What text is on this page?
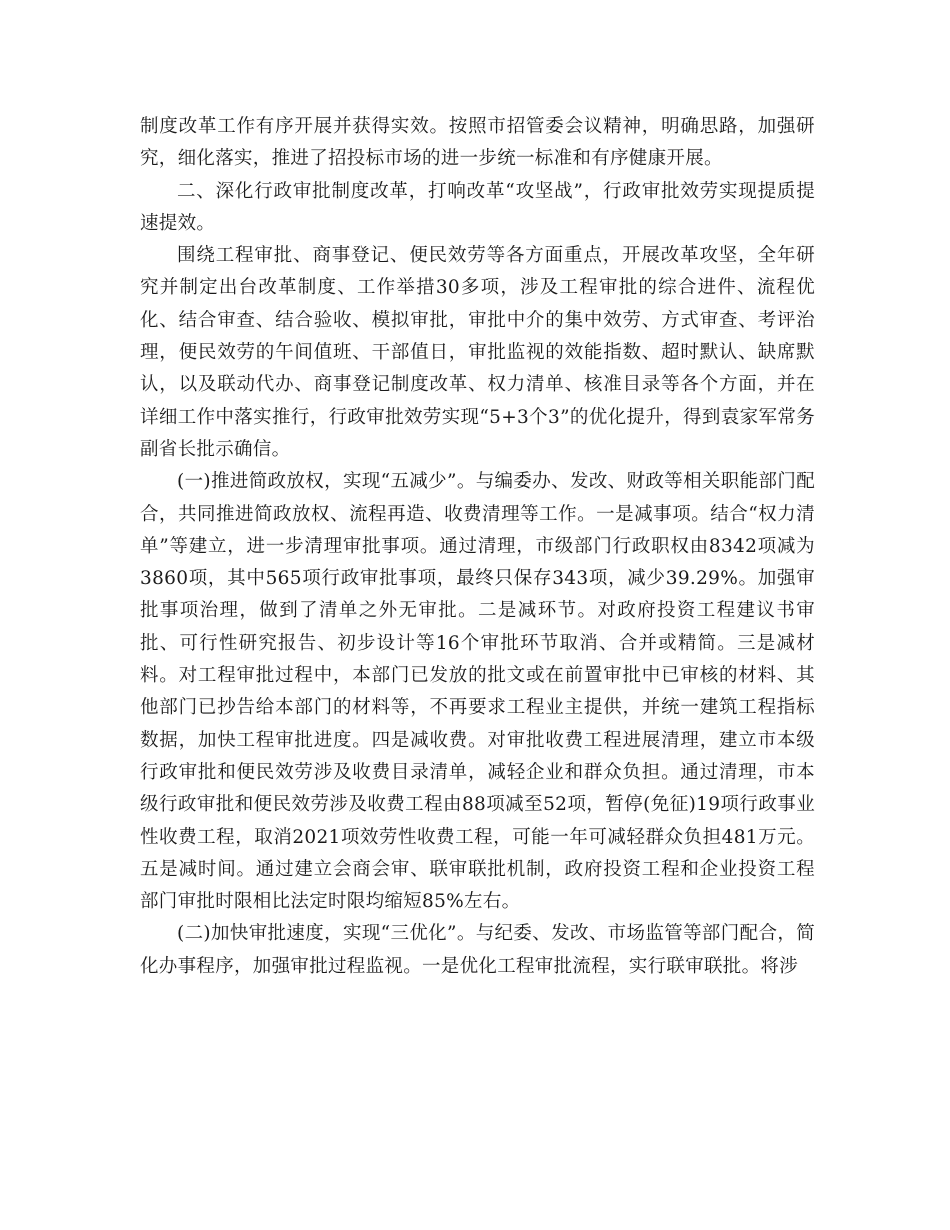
制度改革工作有序开展并获得实效。按照市招管委会议精神，明确思路，加强研究，细化落实，推进了招投标市场的进一步统一标准和有序健康开展。

二、深化行政审批制度改革，打响改革“攻坚战”，行政审批效劳实现提质提速提效。

围绕工程审批、商事登记、便民效劳等各方面重点，开展改革攻坚，全年研究并制定出台改革制度、工作举措30多项，涉及工程审批的综合进件、流程优化、结合审查、结合验收、模拟审批，审批中介的集中效劳、方式审查、考评治理，便民效劳的午间值班、干部值日，审批监视的效能指数、超时默认、缺席默认，以及联动代办、商事登记制度改革、权力清单、核准目录等各个方面，并在详细工作中落实推行，行政审批效劳实现“5+3个3”的优化提升，得到袁家军常务副省长批示确信。

(一)推进简政放权，实现“五减少”。与编委办、发改、财政等相关职能部门配合，共同推进简政放权、流程再造、收费清理等工作。一是减事项。结合“权力清单”等建立，进一步清理审批事项。通过清理，市级部门行政职权由8342项减为3860项，其中565项行政审批事项，最终只保存343项，减少39.29%。加强审批事项治理，做到了清单之外无审批。二是减环节。对政府投资工程建议书审批、可行性研究报告、初步设计等16个审批环节取消、合并或精简。三是减材料。对工程审批过程中，本部门已发放的批文或在前置审批中已审核的材料、其他部门已抄告给本部门的材料等，不再要求工程业主提供，并统一建筑工程指标数据，加快工程审批进度。四是减收费。对审批收费工程进展清理，建立市本级行政审批和便民效劳涉及收费目录清单，减轻企业和群众负担。通过清理，市本级行政审批和便民效劳涉及收费工程由88项减至52项，暂停(免征)19项行政事业性收费工程，取消2021项效劳性收费工程，可能一年可减轻群众负担481万元。五是减时间。通过建立会商会审、联审联批机制，政府投资工程和企业投资工程部门审批时限相比法定时限均缩短85%左右。

(二)加快审批速度，实现“三优化”。与纪委、发改、市场监管等部门配合，简化办事程序，加强审批过程监视。一是优化工程审批流程，实行联审联批。将涉
